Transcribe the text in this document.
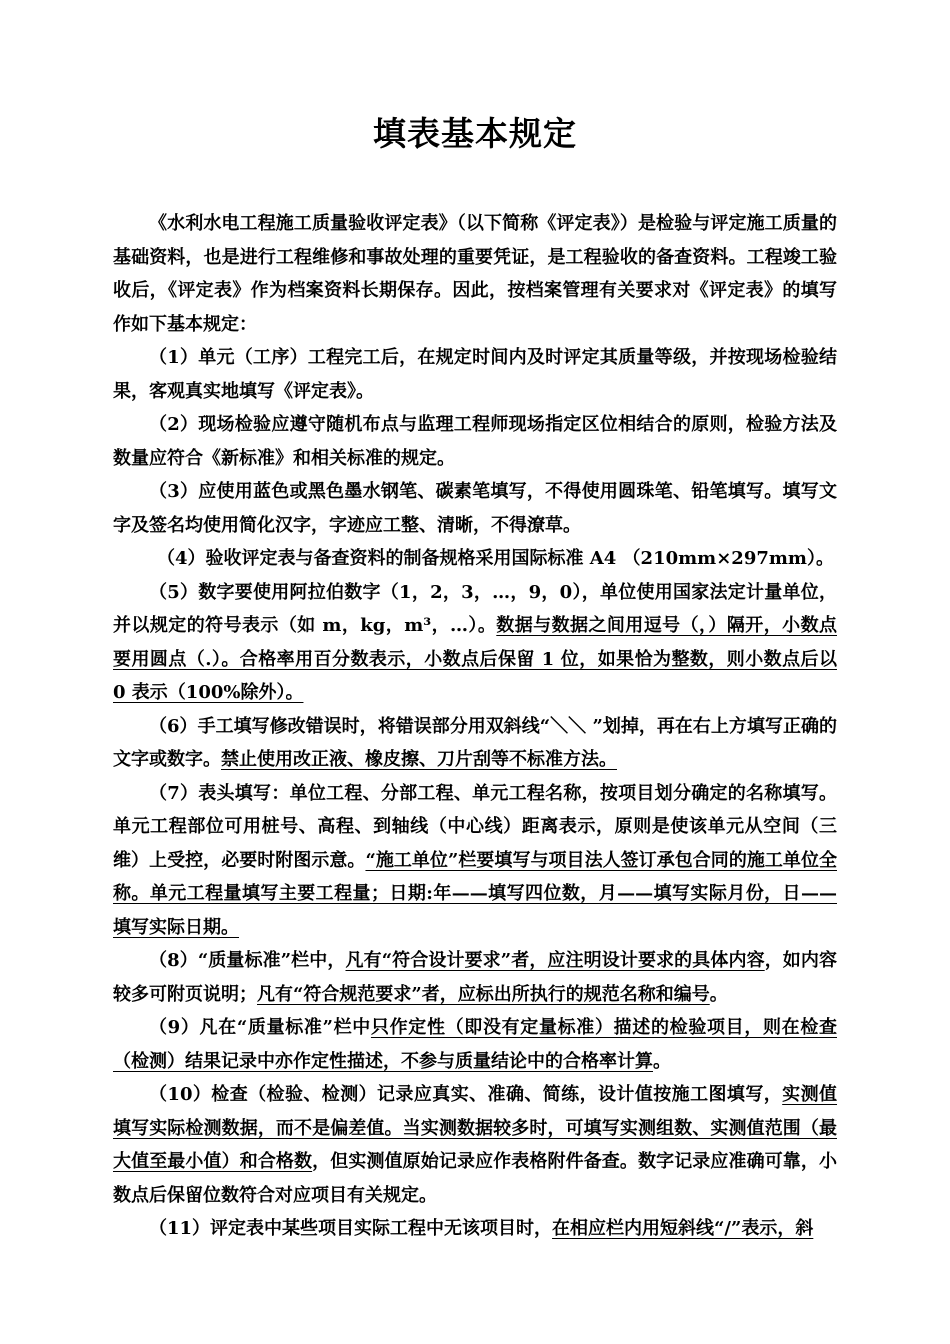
填表基本规定

《水利水电工程施工质量验收评定表》（以下简称《评定表》）是检验与评定施工质量的基础资料，也是进行工程维修和事故处理的重要凭证，是工程验收的备查资料。工程竣工验收后，《评定表》作为档案资料长期保存。因此，按档案管理有关要求对《评定表》的填写作如下基本规定：

（1）单元（工序）工程完工后，在规定时间内及时评定其质量等级，并按现场检验结果，客观真实地填写《评定表》。

（2）现场检验应遵守随机布点与监理工程师现场指定区位相结合的原则，检验方法及数量应符合《新标准》和相关标准的规定。

（3）应使用蓝色或黑色墨水钢笔、碳素笔填写，不得使用圆珠笔、铅笔填写。填写文字及签名均使用简化汉字，字迹应工整、清晰，不得潦草。

（4）验收评定表与备查资料的制备规格采用国际标准 A4 （210mm×297mm）。

（5）数字要使用阿拉伯数字（1，2，3，…，9，0），单位使用国家法定计量单位，并以规定的符号表示（如 m，kg，m³，…）。数据与数据之间用逗号（，）隔开，小数点要用圆点（.）。合格率用百分数表示，小数点后保留 1 位，如果恰为整数，则小数点后以 0 表示（100%除外）。

（6）手工填写修改错误时，将错误部分用双斜线“＼＼ ”划掉，再在右上方填写正确的文字或数字。禁止使用改正液、橡皮擦、刀片刮等不标准方法。

（7）表头填写：单位工程、分部工程、单元工程名称，按项目划分确定的名称填写。单元工程部位可用桩号、高程、到轴线（中心线）距离表示，原则是使该单元从空间（三维）上受控，必要时附图示意。“施工单位”栏要填写与项目法人签订承包合同的施工单位全称。单元工程量填写主要工程量；日期:年——填写四位数，月——填写实际月份，日——填写实际日期。

（8）“质量标准”栏中，凡有“符合设计要求”者，应注明设计要求的具体内容，如内容较多可附页说明；凡有“符合规范要求”者，应标出所执行的规范名称和编号。

（9）凡在“质量标准”栏中只作定性（即没有定量标准）描述的检验项目，则在检查（检测）结果记录中亦作定性描述，不参与质量结论中的合格率计算。

（10）检查（检验、检测）记录应真实、准确、简练，设计值按施工图填写，实测值填写实际检测数据，而不是偏差值。当实测数据较多时，可填写实测组数、实测值范围（最大值至最小值）和合格数，但实测值原始记录应作表格附件备查。数字记录应准确可靠，小数点后保留位数符合对应项目有关规定。

（11）评定表中某些项目实际工程中无该项目时，在相应栏内用短斜线“/”表示，斜
